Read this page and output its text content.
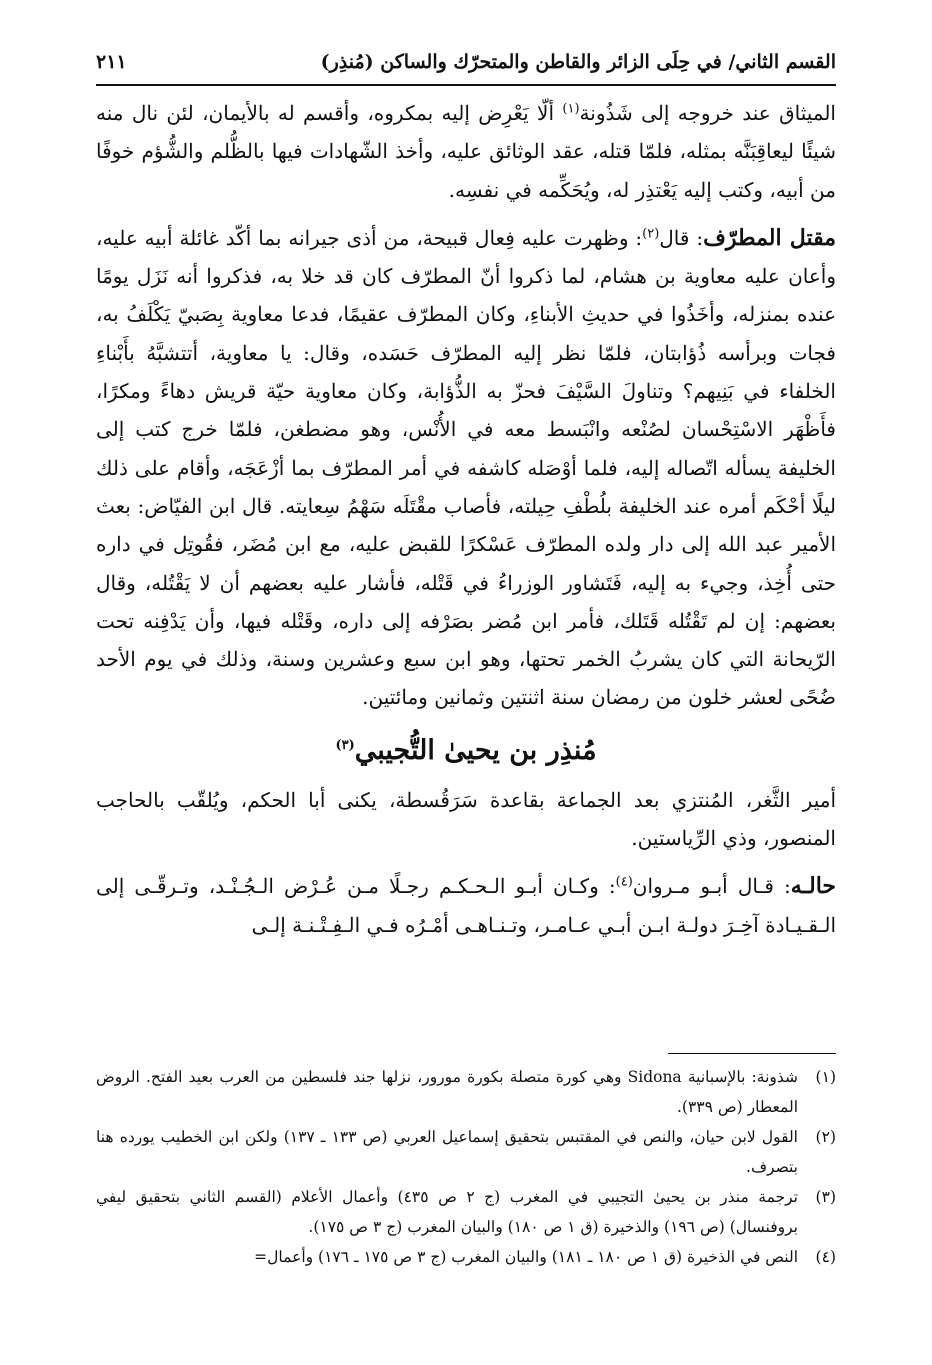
القسم الثاني/ في حِلَى الزائر والقاطن والمتحرّك والساكن (مُنذِر)
٢١١

الميثاق عند خروجه إلى شَذُونة$^{(١)}$ ألّا يَعْرِض إليه بمكروه، وأقسم له بالأيمان، لئن نال منه شيئًا ليعاقِبَنَّه بمثله، فلمّا قتله، عقد الوثائق عليه، وأخذ الشّهادات فيها بالظُّلم والشُّؤم خوفًا من أبيه، وكتب إليه يَعْتذِر له، ويُحَكِّمه في نفسِه.

مقتل المطرّف: قال$^{(٢)}$: وظهرت عليه فِعال قبيحة، من أذى جيرانه بما أكّد غائلة أبيه عليه، وأعان عليه معاوية بن هشام، لما ذكروا أنّ المطرّف كان قد خلا به، فذكروا أنه نَزَل يومًا عنده بمنزله، وأخَذُوا في حديثِ الأبناءِ، وكان المطرّف عقيمًا، فدعا معاوية بِصَبيّ يَكْلَفُ به، فجات وبرأسه ذُؤابتان، فلمّا نظر إليه المطرّف حَسَده، وقال: يا معاوية، أتتشبَّهُ بأَبْناءِ الخلفاء في بَنِيهم؟ وتناولَ السَّيْفَ فحزّ به الذُّؤابة، وكان معاوية حيّة قريش دهاءً ومكرًا، فأَظْهَر الاسْتِحْسان لصُنْعه وانْبَسط معه في الأُنْس، وهو مضطغن، فلمّا خرج كتب إلى الخليفة يسأله اتّصاله إليه، فلما أوْصَله كاشفه في أمر المطرّف بما أزْعَجَه، وأقام على ذلك ليلًا أحْكَم أمره عند الخليفة بلُطْفِ حِيلته، فأصاب مقْتَلَه سَهْمُ سِعايته. قال ابن الفيّاض: بعث الأمير عبد الله إلى دار ولده المطرّف عَسْكرًا للقبض عليه، مع ابن مُضَر، فقُوتِل في داره حتى أُخِذ، وجيء به إليه، فَتَشاور الوزراءُ في قَتْله، فأشار عليه بعضهم أن لا يَقْتُله، وقال بعضهم: إن لم تَقْتُله قَتَلك، فأمر ابن مُضر بصَرْفه إلى داره، وقَتْله فيها، وأن يَدْفِنه تحت الرّيحانة التي كان يشربُ الخمر تحتها، وهو ابن سبع وعشرين وسنة، وذلك في يوم الأحد ضُحًى لعشر خلون من رمضان سنة اثنتين وثمانين ومائتين.

مُنذِر بن يحيىٰ التُّجيبي$^{(٣)}$

أمير الثَّغر، المُنتزي بعد الجماعة بقاعدة سَرَقُسطة، يكنى أبا الحكم، ويُلقّب بالحاجب المنصور، وذي الرِّياستين.

حالـه: قـال أبـو مـروان$^{(٤)}$: وكـان أبـو الـحـكـم رجـلًا مـن عُـرْض الـجُـنْـد، وتـرقّـى إلى الـقـيـادة آخِـرَ دولـة ابـن أبـي عـامـر، وتـنـاهـى أمْـرُه فـي الـفِـتْـنـة إلـى

(١)
شذونة: بالإسبانية Sidona وهي كورة متصلة بكورة مورور، نزلها جند فلسطين من العرب بعيد الفتح. الروض المعطار (ص ٣٣٩).
(٢)
القول لابن حيان، والنص في المقتبس بتحقيق إسماعيل العربي (ص ١٣٣ ـ ١٣٧) ولكن ابن الخطيب يورده هنا بتصرف.
(٣)
ترجمة منذر بن يحيىٰ التجيبي في المغرب (ج ٢ ص ٤٣٥) وأعمال الأعلام (القسم الثاني بتحقيق ليفي بروفنسال) (ص ١٩٦) والذخيرة (ق ١ ص ١٨٠) والبيان المغرب (ج ٣ ص ١٧٥).
(٤)
النص في الذخيرة (ق ١ ص ١٨٠ ـ ١٨١) والبيان المغرب (ج ٣ ص ١٧٥ ـ ١٧٦) وأعمال=
